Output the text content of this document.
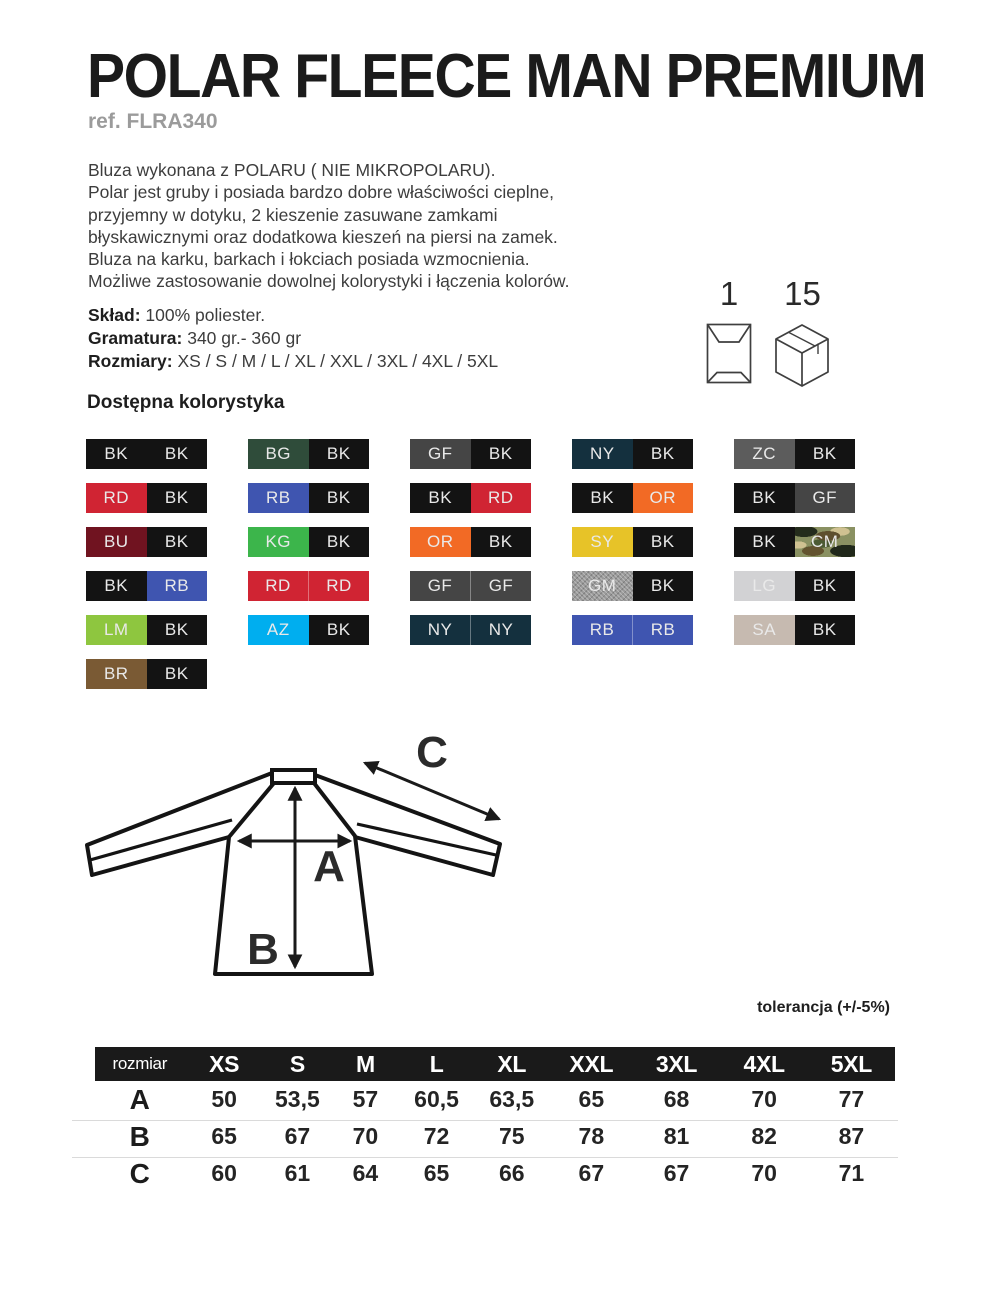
POLAR FLEECE MAN PREMIUM
ref. FLRA340

Bluza wykonana z POLARU ( NIE MIKROPOLARU).
Polar jest gruby i posiada bardzo dobre właściwości cieplne,
przyjemny w dotyku, 2 kieszenie zasuwane zamkami
błyskawicznymi oraz dodatkowa kieszeń na piersi na zamek.
Bluza na karku, barkach i łokciach posiada wzmocnienia.
Możliwe zastosowanie dowolnej kolorystyki i łączenia kolorów.

Skład: 100% poliester.
Gramatura: 340 gr.- 360 gr
Rozmiary: XS / S / M / L / XL / XXL / 3XL / 4XL / 5XL
1 15
Dostępna kolorystyka
BK BK
RD BK
BU BK
BK RB
LM BK
BR BK
BG BK
RB BK
KG BK
RD RD
AZ BK
GF BK
BK RD
OR BK
GF GF
NY NY
NY BK
BK OR
SY BK
GM BK
RB RB
ZC BK
BK GF
BK CM
LG BK
SA BK
A
B
C
tolerancja (+/-5%)
rozmiar	XS	S	M	L	XL	XXL	3XL	4XL	5XL
A	50	53,5	57	60,5	63,5	65	68	70	77
B	65	67	70	72	75	78	81	82	87
C	60	61	64	65	66	67	67	70	71
